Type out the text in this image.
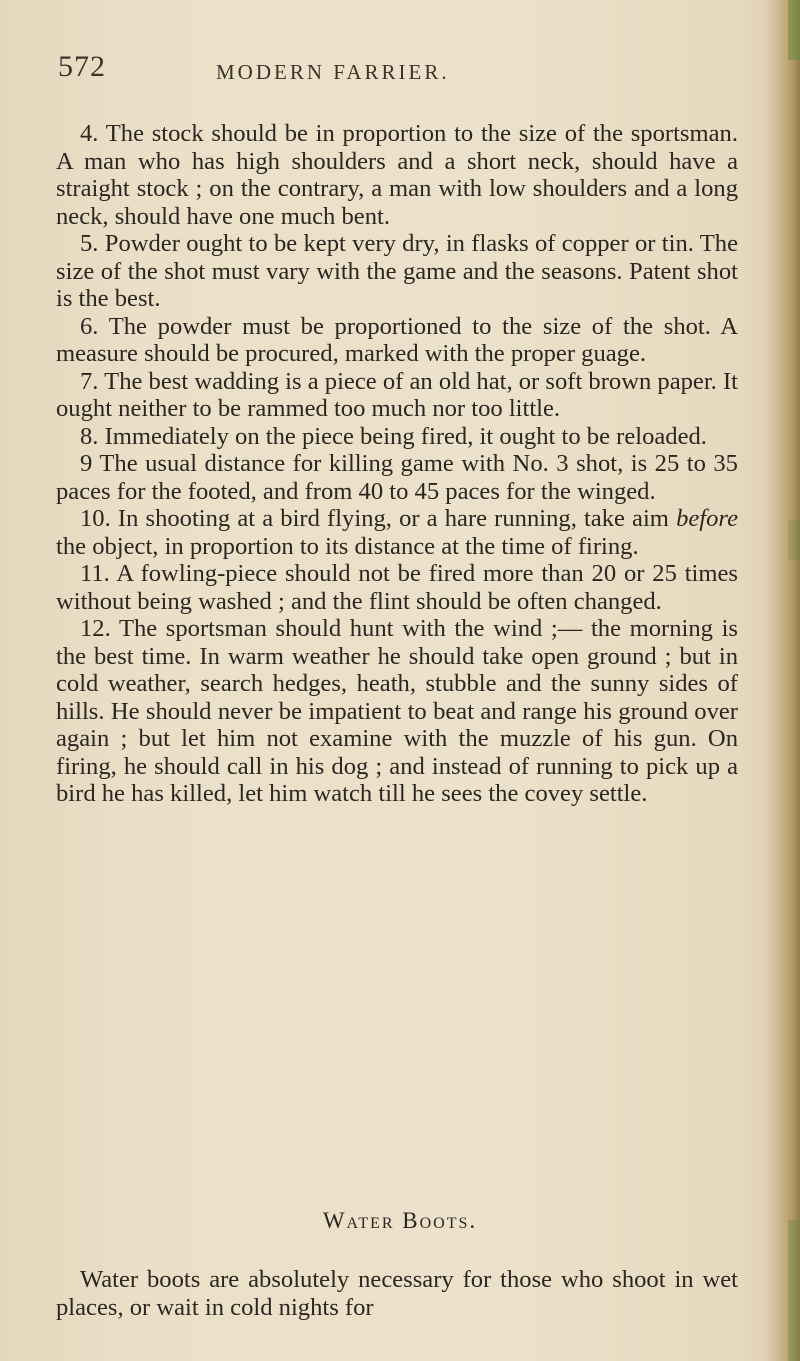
572	MODERN FARRIER.

4. The stock should be in proportion to the size of the sportsman. A man who has high shoulders and a short neck, should have a straight stock ; on the contrary, a man with low shoulders and a long neck, should have one much bent.

5. Powder ought to be kept very dry, in flasks of copper or tin. The size of the shot must vary with the game and the seasons. Patent shot is the best.

6. The powder must be proportioned to the size of the shot. A measure should be procured, marked with the proper guage.

7. The best wadding is a piece of an old hat, or soft brown paper. It ought neither to be rammed too much nor too little.

8. Immediately on the piece being fired, it ought to be reloaded.

9 The usual distance for killing game with No. 3 shot, is 25 to 35 paces for the footed, and from 40 to 45 paces for the winged.

10. In shooting at a bird flying, or a hare running, take aim before the object, in proportion to its distance at the time of firing.

11. A fowling-piece should not be fired more than 20 or 25 times without being washed ; and the flint should be often changed.

12. The sportsman should hunt with the wind ;— the morning is the best time. In warm weather he should take open ground ; but in cold weather, search hedges, heath, stubble and the sunny sides of hills. He should never be impatient to beat and range his ground over again ; but let him not examine with the muzzle of his gun. On firing, he should call in his dog ; and instead of running to pick up a bird he has killed, let him watch till he sees the covey settle.

Water Boots.

Water boots are absolutely necessary for those who shoot in wet places, or wait in cold nights for
